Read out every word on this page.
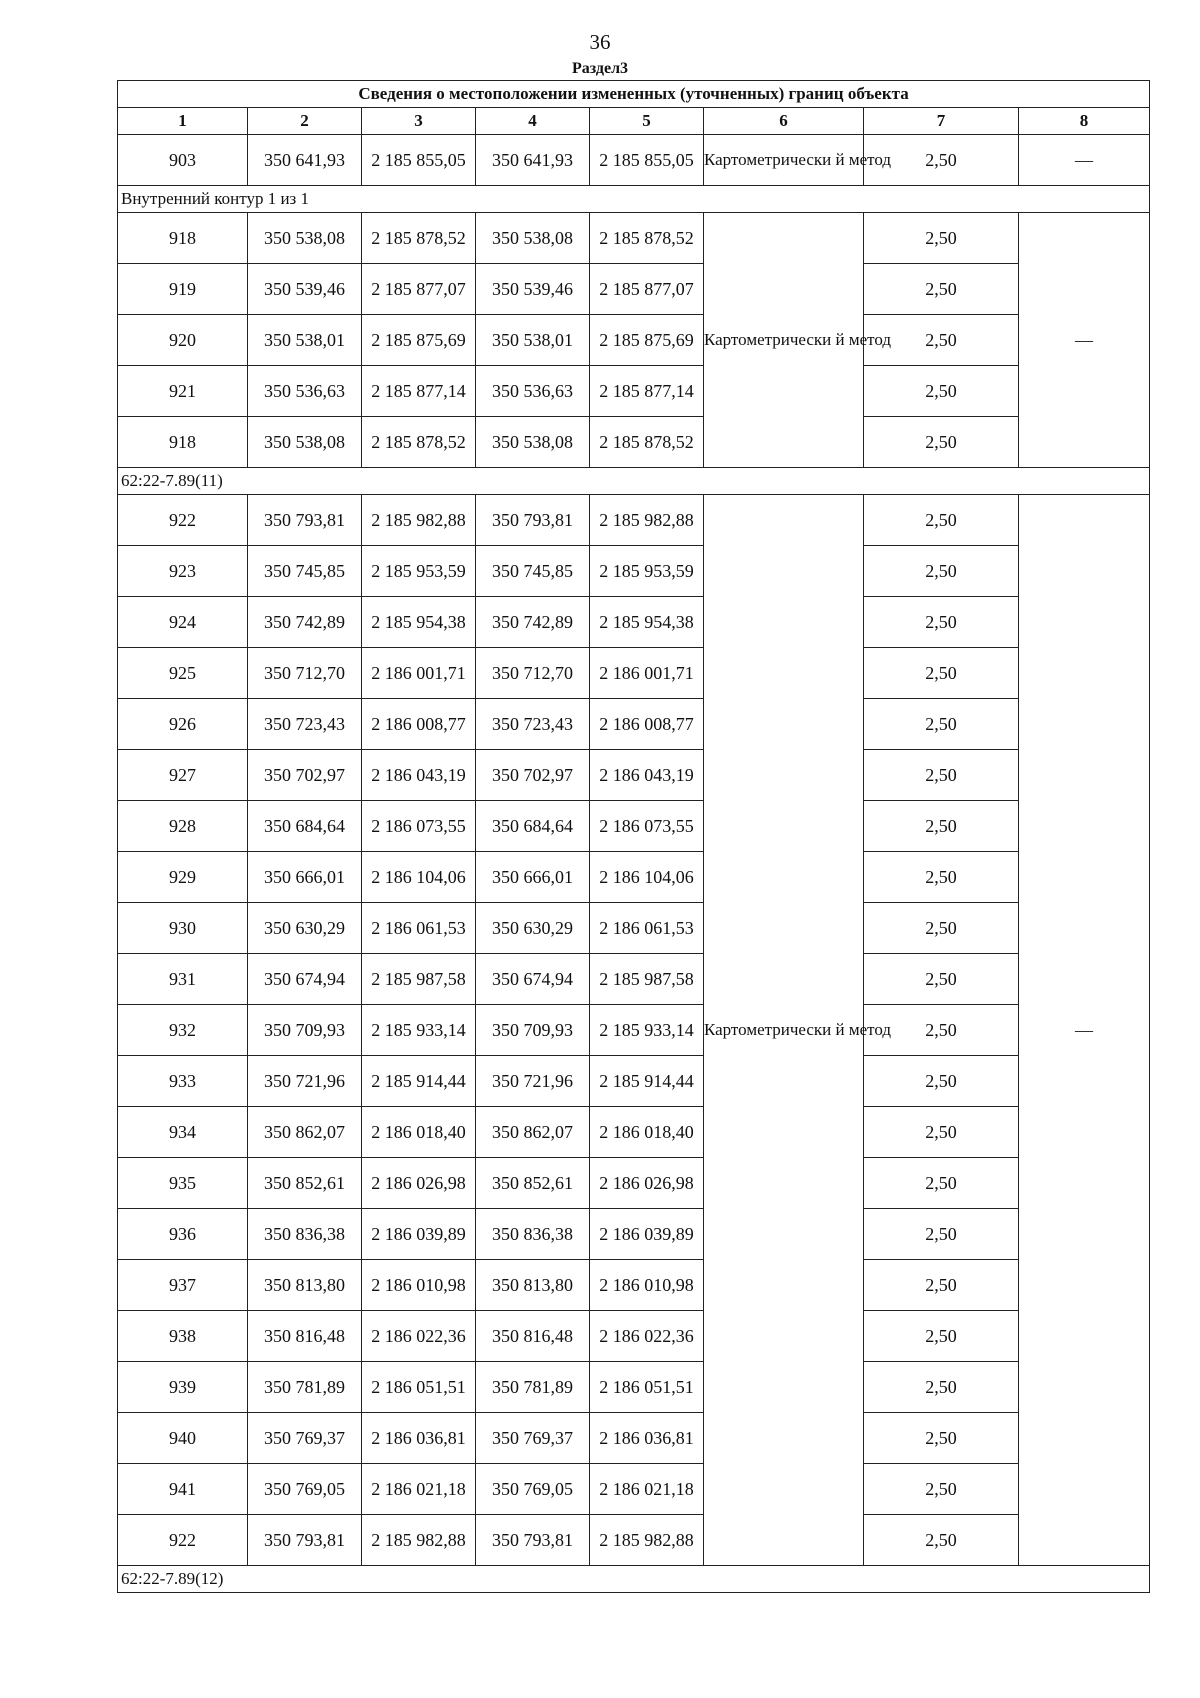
36
Раздел3
Сведения о местоположении измененных (уточненных) границ объекта							
1	2	3	4	5	6	7	8
903	350 641,93	2 185 855,05	350 641,93	2 185 855,05	Картометрически й метод	2,50	—
Внутренний контур 1 из 1							
918	350 538,08	2 185 878,52	350 538,08	2 185 878,52	Картометрически й метод	2,50	—
919	350 539,46	2 185 877,07	350 539,46	2 185 877,07		2,50	
920	350 538,01	2 185 875,69	350 538,01	2 185 875,69		2,50	
921	350 536,63	2 185 877,14	350 536,63	2 185 877,14		2,50	
918	350 538,08	2 185 878,52	350 538,08	2 185 878,52		2,50	
62:22-7.89(11)							
922	350 793,81	2 185 982,88	350 793,81	2 185 982,88	Картометрически й метод	2,50	—
923	350 745,85	2 185 953,59	350 745,85	2 185 953,59		2,50	
924	350 742,89	2 185 954,38	350 742,89	2 185 954,38		2,50	
925	350 712,70	2 186 001,71	350 712,70	2 186 001,71		2,50	
926	350 723,43	2 186 008,77	350 723,43	2 186 008,77		2,50	
927	350 702,97	2 186 043,19	350 702,97	2 186 043,19		2,50	
928	350 684,64	2 186 073,55	350 684,64	2 186 073,55		2,50	
929	350 666,01	2 186 104,06	350 666,01	2 186 104,06		2,50	
930	350 630,29	2 186 061,53	350 630,29	2 186 061,53		2,50	
931	350 674,94	2 185 987,58	350 674,94	2 185 987,58		2,50	
932	350 709,93	2 185 933,14	350 709,93	2 185 933,14		2,50	
933	350 721,96	2 185 914,44	350 721,96	2 185 914,44		2,50	
934	350 862,07	2 186 018,40	350 862,07	2 186 018,40		2,50	
935	350 852,61	2 186 026,98	350 852,61	2 186 026,98		2,50	
936	350 836,38	2 186 039,89	350 836,38	2 186 039,89		2,50	
937	350 813,80	2 186 010,98	350 813,80	2 186 010,98		2,50	
938	350 816,48	2 186 022,36	350 816,48	2 186 022,36		2,50	
939	350 781,89	2 186 051,51	350 781,89	2 186 051,51		2,50	
940	350 769,37	2 186 036,81	350 769,37	2 186 036,81		2,50	
941	350 769,05	2 186 021,18	350 769,05	2 186 021,18		2,50	
922	350 793,81	2 185 982,88	350 793,81	2 185 982,88		2,50	
62:22-7.89(12)							
